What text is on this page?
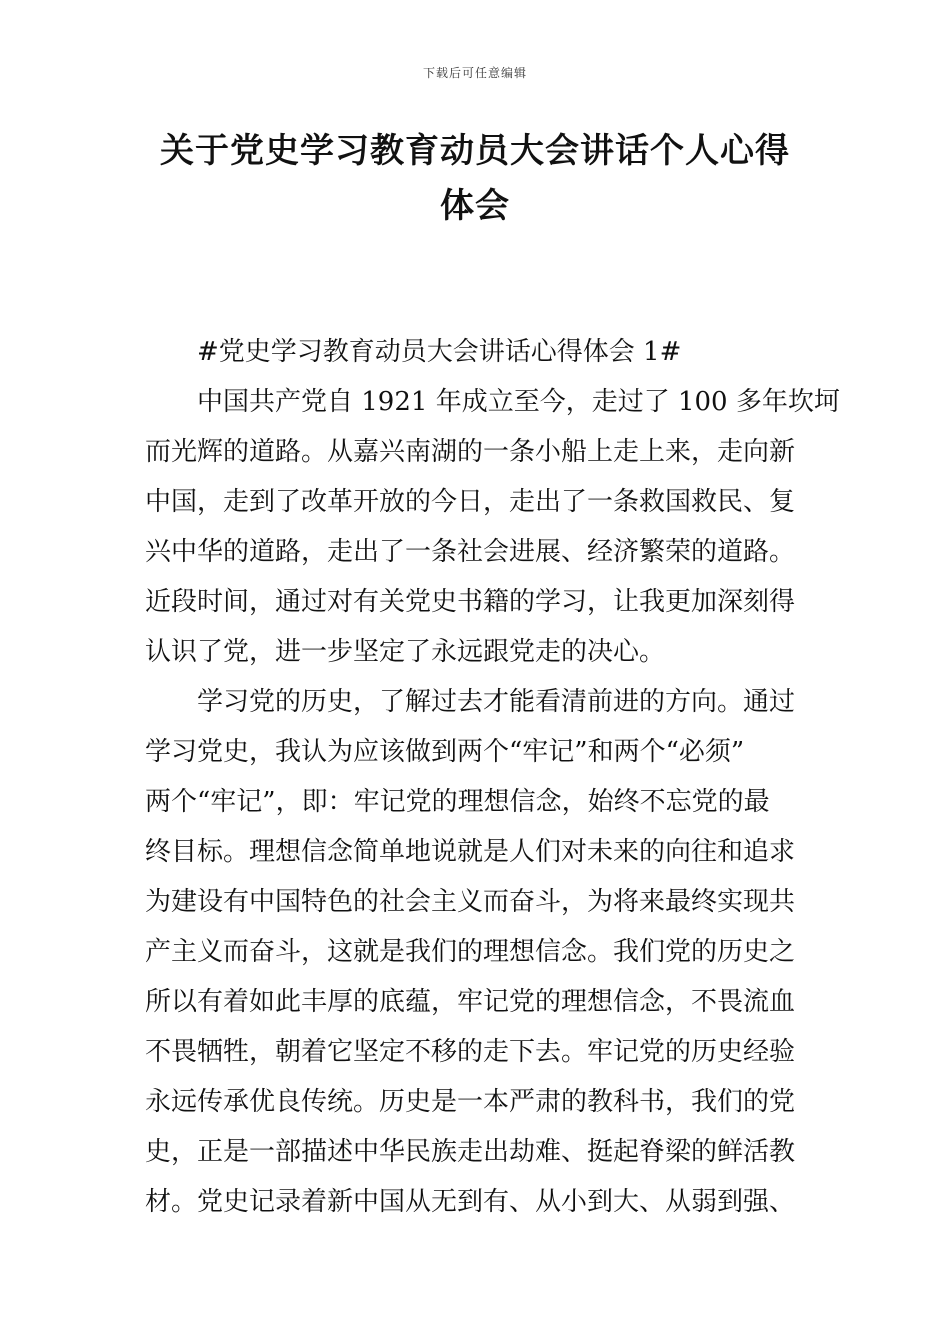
下载后可任意编辑
关于党史学习教育动员大会讲话个人心得
体会
#党史学习教育动员大会讲话心得体会 1#
中国共产党自 1921 年成立至今，走过了 100 多年坎坷
而光辉的道路。从嘉兴南湖的一条小船上走上来，走向新
中国，走到了改革开放的今日，走出了一条救国救民、复
兴中华的道路，走出了一条社会进展、经济繁荣的道路。
近段时间，通过对有关党史书籍的学习，让我更加深刻得
认识了党，进一步坚定了永远跟党走的决心。
学习党的历史，了解过去才能看清前进的方向。通过
学习党史，我认为应该做到两个“牢记”和两个“必须”
两个“牢记”，即：牢记党的理想信念，始终不忘党的最
终目标。理想信念简单地说就是人们对未来的向往和追求
为建设有中国特色的社会主义而奋斗，为将来最终实现共
产主义而奋斗，这就是我们的理想信念。我们党的历史之
所以有着如此丰厚的底蕴，牢记党的理想信念，不畏流血
不畏牺牲，朝着它坚定不移的走下去。牢记党的历史经验
永远传承优良传统。历史是一本严肃的教科书，我们的党
史，正是一部描述中华民族走出劫难、挺起脊梁的鲜活教
材。党史记录着新中国从无到有、从小到大、从弱到强、
